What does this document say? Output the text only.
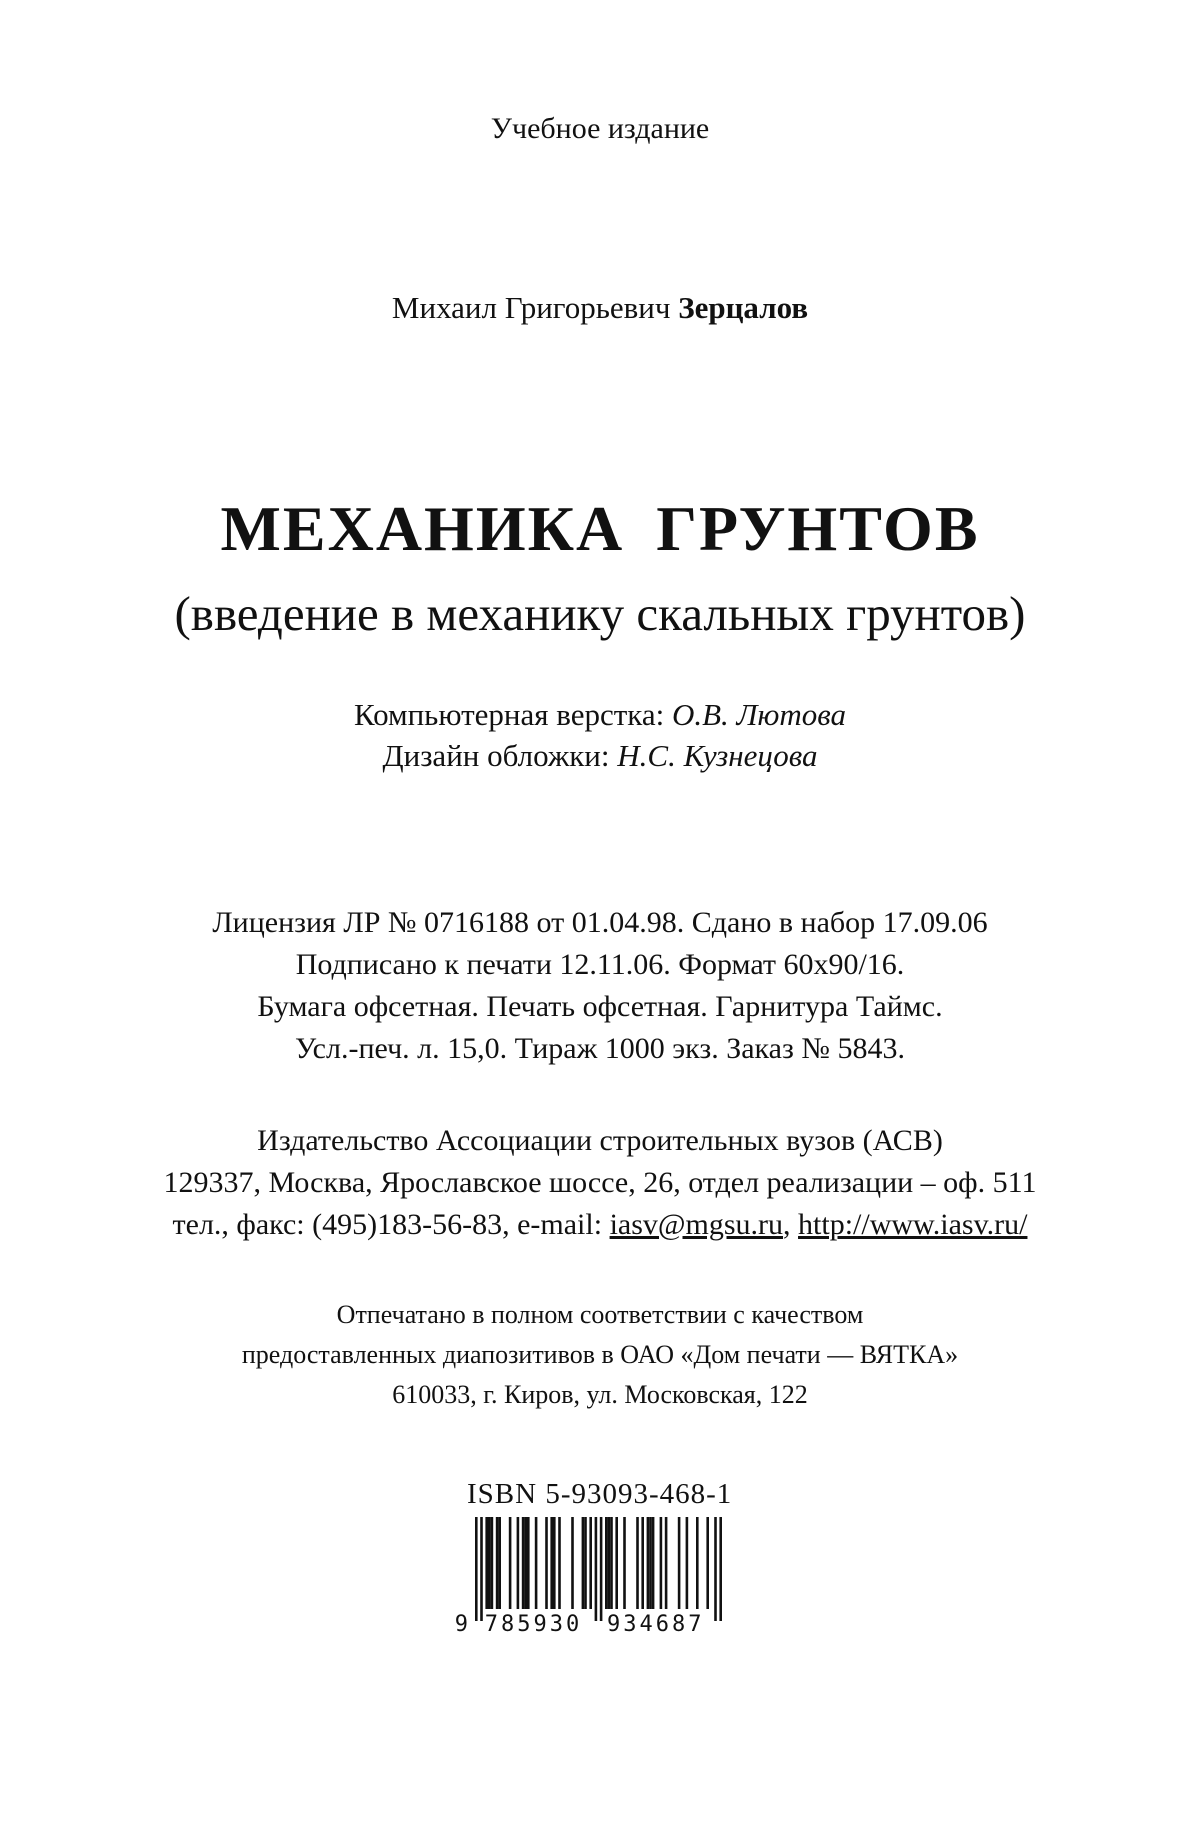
Учебное издание
Михаил Григорьевич Зерцалов
МЕХАНИКА ГРУНТОВ
(введение в механику скальных грунтов)
Компьютерная верстка: О.В. Лютова
Дизайн обложки: Н.С. Кузнецова
Лицензия ЛР № 0716188 от 01.04.98. Сдано в набор 17.09.06
Подписано к печати 12.11.06. Формат 60x90/16.
Бумага офсетная. Печать офсетная. Гарнитура Таймс.
Усл.-печ. л. 15,0. Тираж 1000 экз. Заказ № 5843.
Издательство Ассоциации строительных вузов (АСВ)
129337, Москва, Ярославское шоссе, 26, отдел реализации – оф. 511
тел., факс: (495)183-56-83, e-mail: iasv@mgsu.ru, http://www.iasv.ru/
Отпечатано в полном соответствии с качеством
предоставленных диапозитивов в ОАО «Дом печати — ВЯТКА»
610033, г. Киров, ул. Московская, 122
ISBN 5-93093-468-1
9 785930 934687
